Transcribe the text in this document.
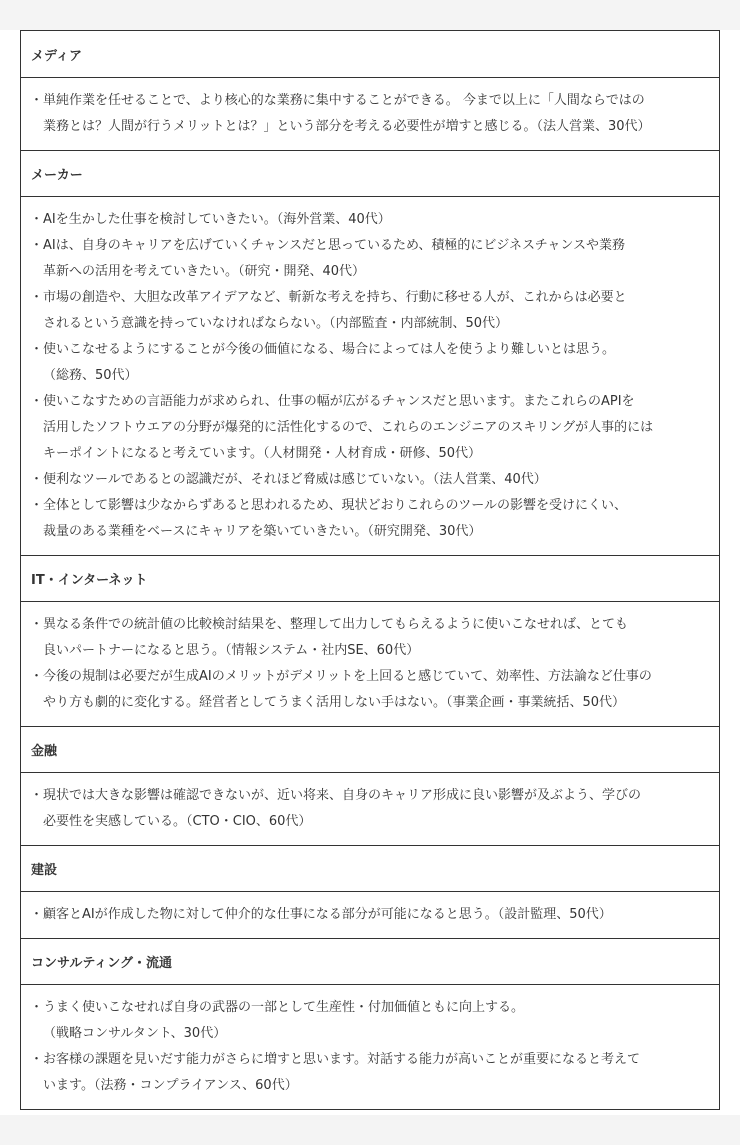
メディア
・ 単純作業を任せることで、より核心的な業務に集中することができる。 今まで以上に「人間ならではの
業務とは？人間が行うメリットとは？」という部分を考える必要性が増すと感じる。（法人営業、30代）
メーカー
・ AIを生かした仕事を検討していきたい。（海外営業、40代）
・ AIは、自身のキャリアを広げていくチャンスだと思っているため、積極的にビジネスチャンスや業務
革新への活用を考えていきたい。（研究・開発、40代）
・ 市場の創造や、大胆な改革アイデアなど、斬新な考えを持ち、行動に移せる人が、これからは必要と
されるという意識を持っていなければならない。（内部監査・内部統制、50代）
・ 使いこなせるようにすることが今後の価値になる、場合によっては人を使うより難しいとは思う。
（総務、50代）
・ 使いこなすための言語能力が求められ、仕事の幅が広がるチャンスだと思います。またこれらのAPIを
活用したソフトウエアの分野が爆発的に活性化するので、これらのエンジニアのスキリングが人事的には
キーポイントになると考えています。（人材開発・人材育成・研修、50代）
・ 便利なツールであるとの認識だが、それほど脅威は感じていない。（法人営業、40代）
・ 全体として影響は少なからずあると思われるため、現状どおりこれらのツールの影響を受けにくい、
裁量のある業種をベースにキャリアを築いていきたい。（研究開発、30代）
IT・インターネット
・ 異なる条件での統計値の比較検討結果を、整理して出力してもらえるように使いこなせれば、とても
良いパートナーになると思う。（情報システム・社内SE、60代）
・ 今後の規制は必要だが生成AIのメリットがデメリットを上回ると感じていて、効率性、方法論など仕事の
やり方も劇的に変化する。経営者としてうまく活用しない手はない。（事業企画・事業統括、50代）
金融
・ 現状では大きな影響は確認できないが、近い将来、自身のキャリア形成に良い影響が及ぶよう、学びの
必要性を実感している。（CTO・CIO、60代）
建設
・ 顧客とAIが作成した物に対して仲介的な仕事になる部分が可能になると思う。（設計監理、50代）
コンサルティング・流通
・ うまく使いこなせれば自身の武器の一部として生産性・付加価値ともに向上する。
（戦略コンサルタント、30代）
・ お客様の課題を見いだす能力がさらに増すと思います。対話する能力が高いことが重要になると考えて
います。（法務・コンプライアンス、60代）
